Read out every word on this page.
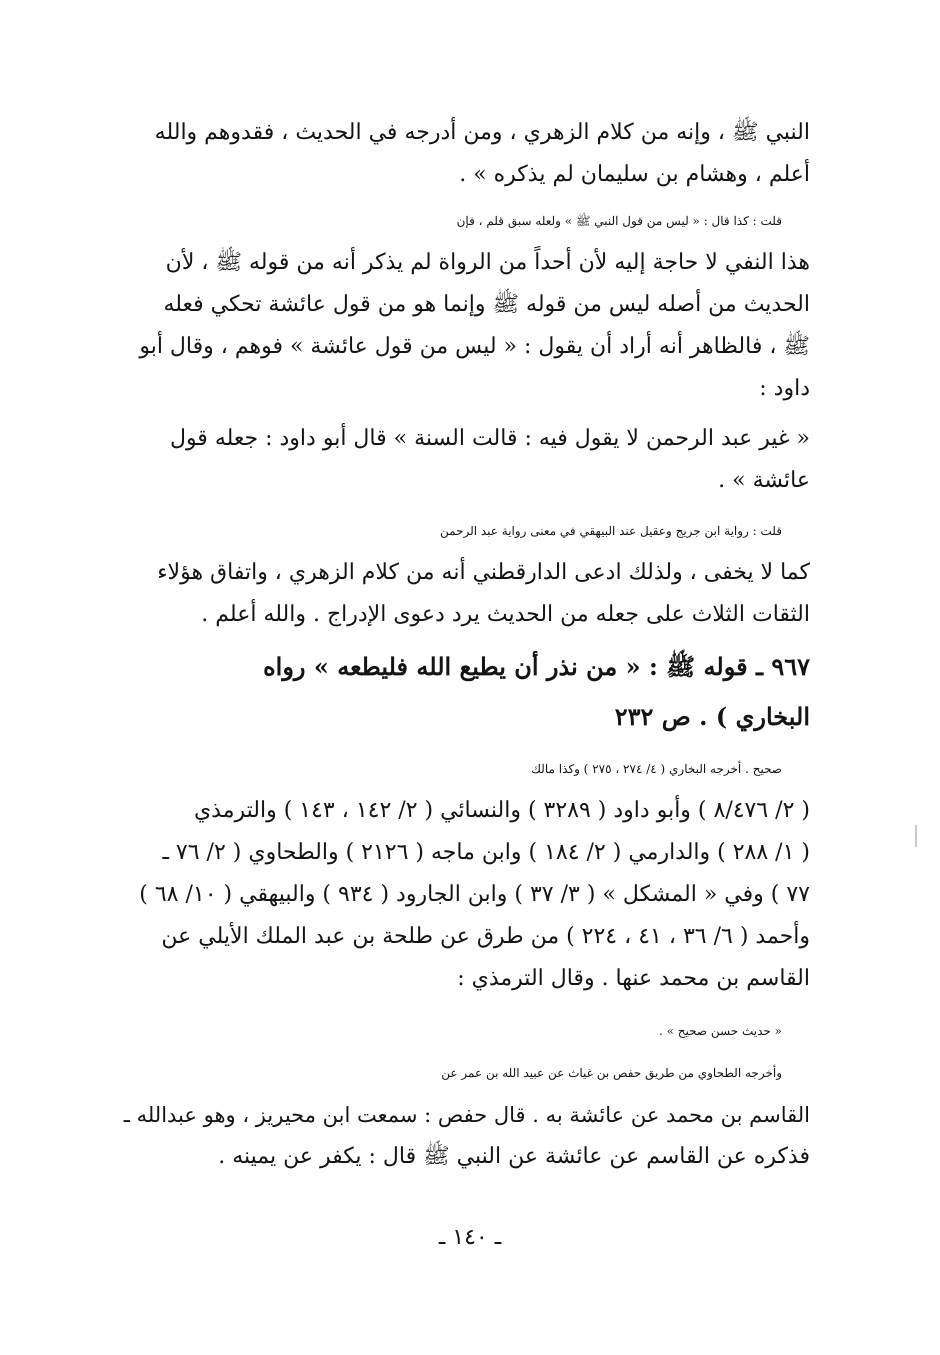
النبي ﷺ ، وإنه من كلام الزهري ، ومن أدرجه في الحديث ، فقدوهم والله
أعلم ، وهشام بن سليمان لم يذكره » .
قلت : كذا قال : « ليس من قول النبي ﷺ » ولعله سبق قلم ، فإن
هذا النفي لا حاجة إليه لأن أحداً من الرواة لم يذكر أنه من قوله ﷺ ، لأن
الحديث من أصله ليس من قوله ﷺ وإنما هو من قول عائشة تحكي فعله
ﷺ ، فالظاهر أنه أراد أن يقول : « ليس من قول عائشة » فوهم ، وقال أبو
داود :
« غير عبد الرحمن لا يقول فيه : قالت السنة » قال أبو داود : جعله قول
عائشة » .
قلت : رواية ابن جريج وعقيل عند البيهقي في معنى رواية عبد الرحمن
كما لا يخفى ، ولذلك ادعى الدارقطني أنه من كلام الزهري ، واتفاق هؤلاء
الثقات الثلاث على جعله من الحديث يرد دعوى الإدراج . والله أعلم .
٩٦٧ ـ قوله ﷺ : « من نذر أن يطيع الله فليطعه » رواه
البخاري ) . ص ٢٣٢
صحيح . أخرجه البخاري ( ٤/ ٢٧٤ ، ٢٧٥ ) وكذا مالك
( ٢/ ٨/٤٧٦ ) وأبو داود ( ٣٢٨٩ ) والنسائي ( ٢/ ١٤٢ ، ١٤٣ ) والترمذي
( ١/ ٢٨٨ ) والدارمي ( ٢/ ١٨٤ ) وابن ماجه ( ٢١٢٦ ) والطحاوي ( ٢/ ٧٦ ـ
٧٧ ) وفي « المشكل » ( ٣/ ٣٧ ) وابن الجارود ( ٩٣٤ ) والبيهقي ( ١٠/ ٦٨ )
وأحمد ( ٦/ ٣٦ ، ٤١ ، ٢٢٤ ) من طرق عن طلحة بن عبد الملك الأيلي عن
القاسم بن محمد عنها . وقال الترمذي :
« حديث حسن صحيح » .
وأخرجه الطحاوي من طريق حفص بن غياث عن عبيد الله بن عمر عن
القاسم بن محمد عن عائشة به . قال حفص : سمعت ابن محيريز ، وهو عبدالله ـ
فذكره عن القاسم عن عائشة عن النبي ﷺ قال : يكفر عن يمينه .
ـ ١٤٠ ـ
